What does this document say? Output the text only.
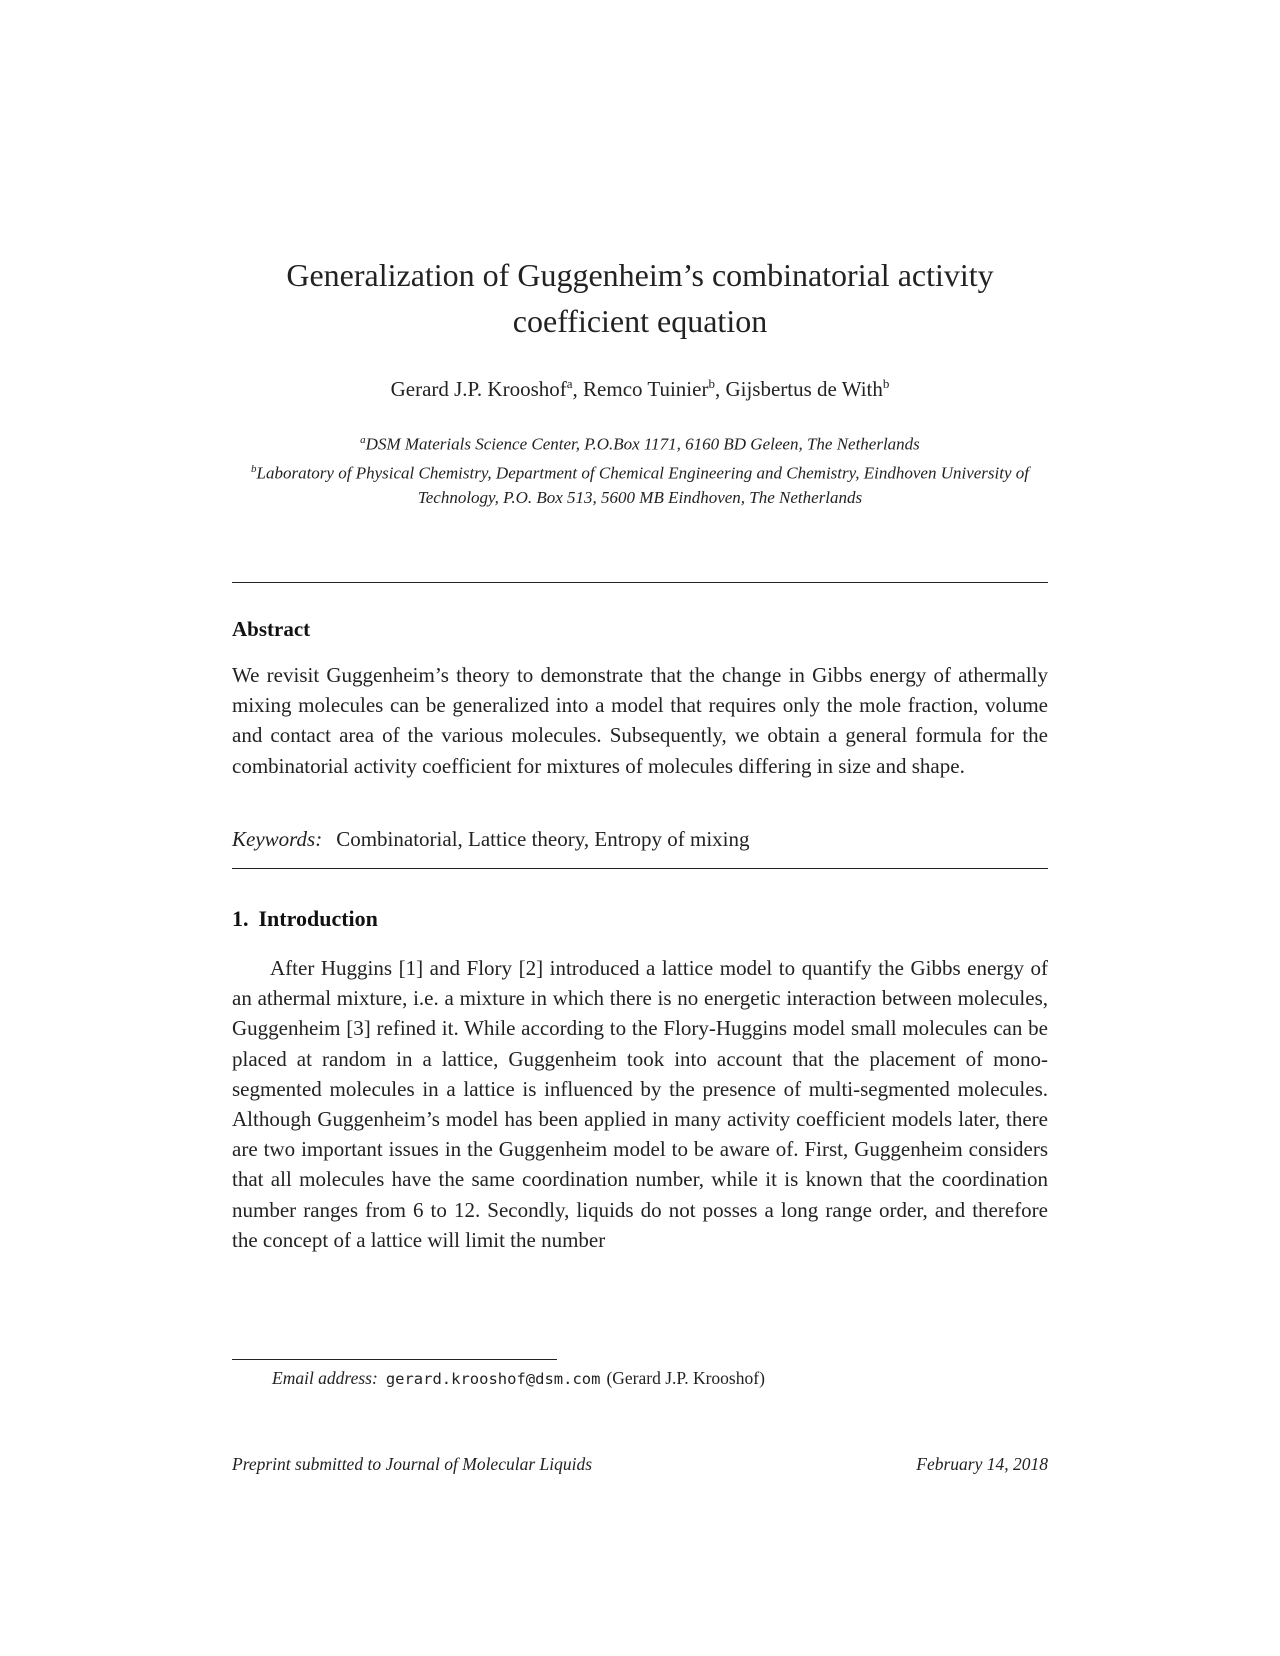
Generalization of Guggenheim’s combinatorial activity
coefficient equation
Gerard J.P. Krooshof$^a$, Remco Tuinier$^b$, Gijsbertus de With$^b$
$^a$DSM Materials Science Center, P.O.Box 1171, 6160 BD Geleen, The Netherlands
$^b$Laboratory of Physical Chemistry, Department of Chemical Engineering and Chemistry, Eindhoven University of Technology, P.O. Box 513, 5600 MB Eindhoven, The Netherlands
Abstract
We revisit Guggenheim’s theory to demonstrate that the change in Gibbs energy of athermally mixing molecules can be generalized into a model that requires only the mole fraction, volume and contact area of the various molecules. Subsequently, we obtain a general formula for the combinatorial activity coefficient for mixtures of molecules differing in size and shape.
Keywords: Combinatorial, Lattice theory, Entropy of mixing
1. Introduction
After Huggins [1] and Flory [2] introduced a lattice model to quantify the Gibbs energy of an athermal mixture, i.e. a mixture in which there is no energetic interaction between molecules, Guggenheim [3] refined it. While according to the Flory-Huggins model small molecules can be placed at random in a lattice, Guggenheim took into account that the placement of mono-segmented molecules in a lattice is influenced by the presence of multi-segmented molecules. Although Guggenheim’s model has been applied in many activity coefficient models later, there are two important issues in the Guggenheim model to be aware of. First, Guggenheim considers that all molecules have the same coordination number, while it is known that the coordination number ranges from 6 to 12. Secondly, liquids do not posses a long range order, and therefore the concept of a lattice will limit the number
Email address: gerard.krooshof@dsm.com (Gerard J.P. Krooshof)
Preprint submitted to Journal of Molecular Liquids	February 14, 2018
